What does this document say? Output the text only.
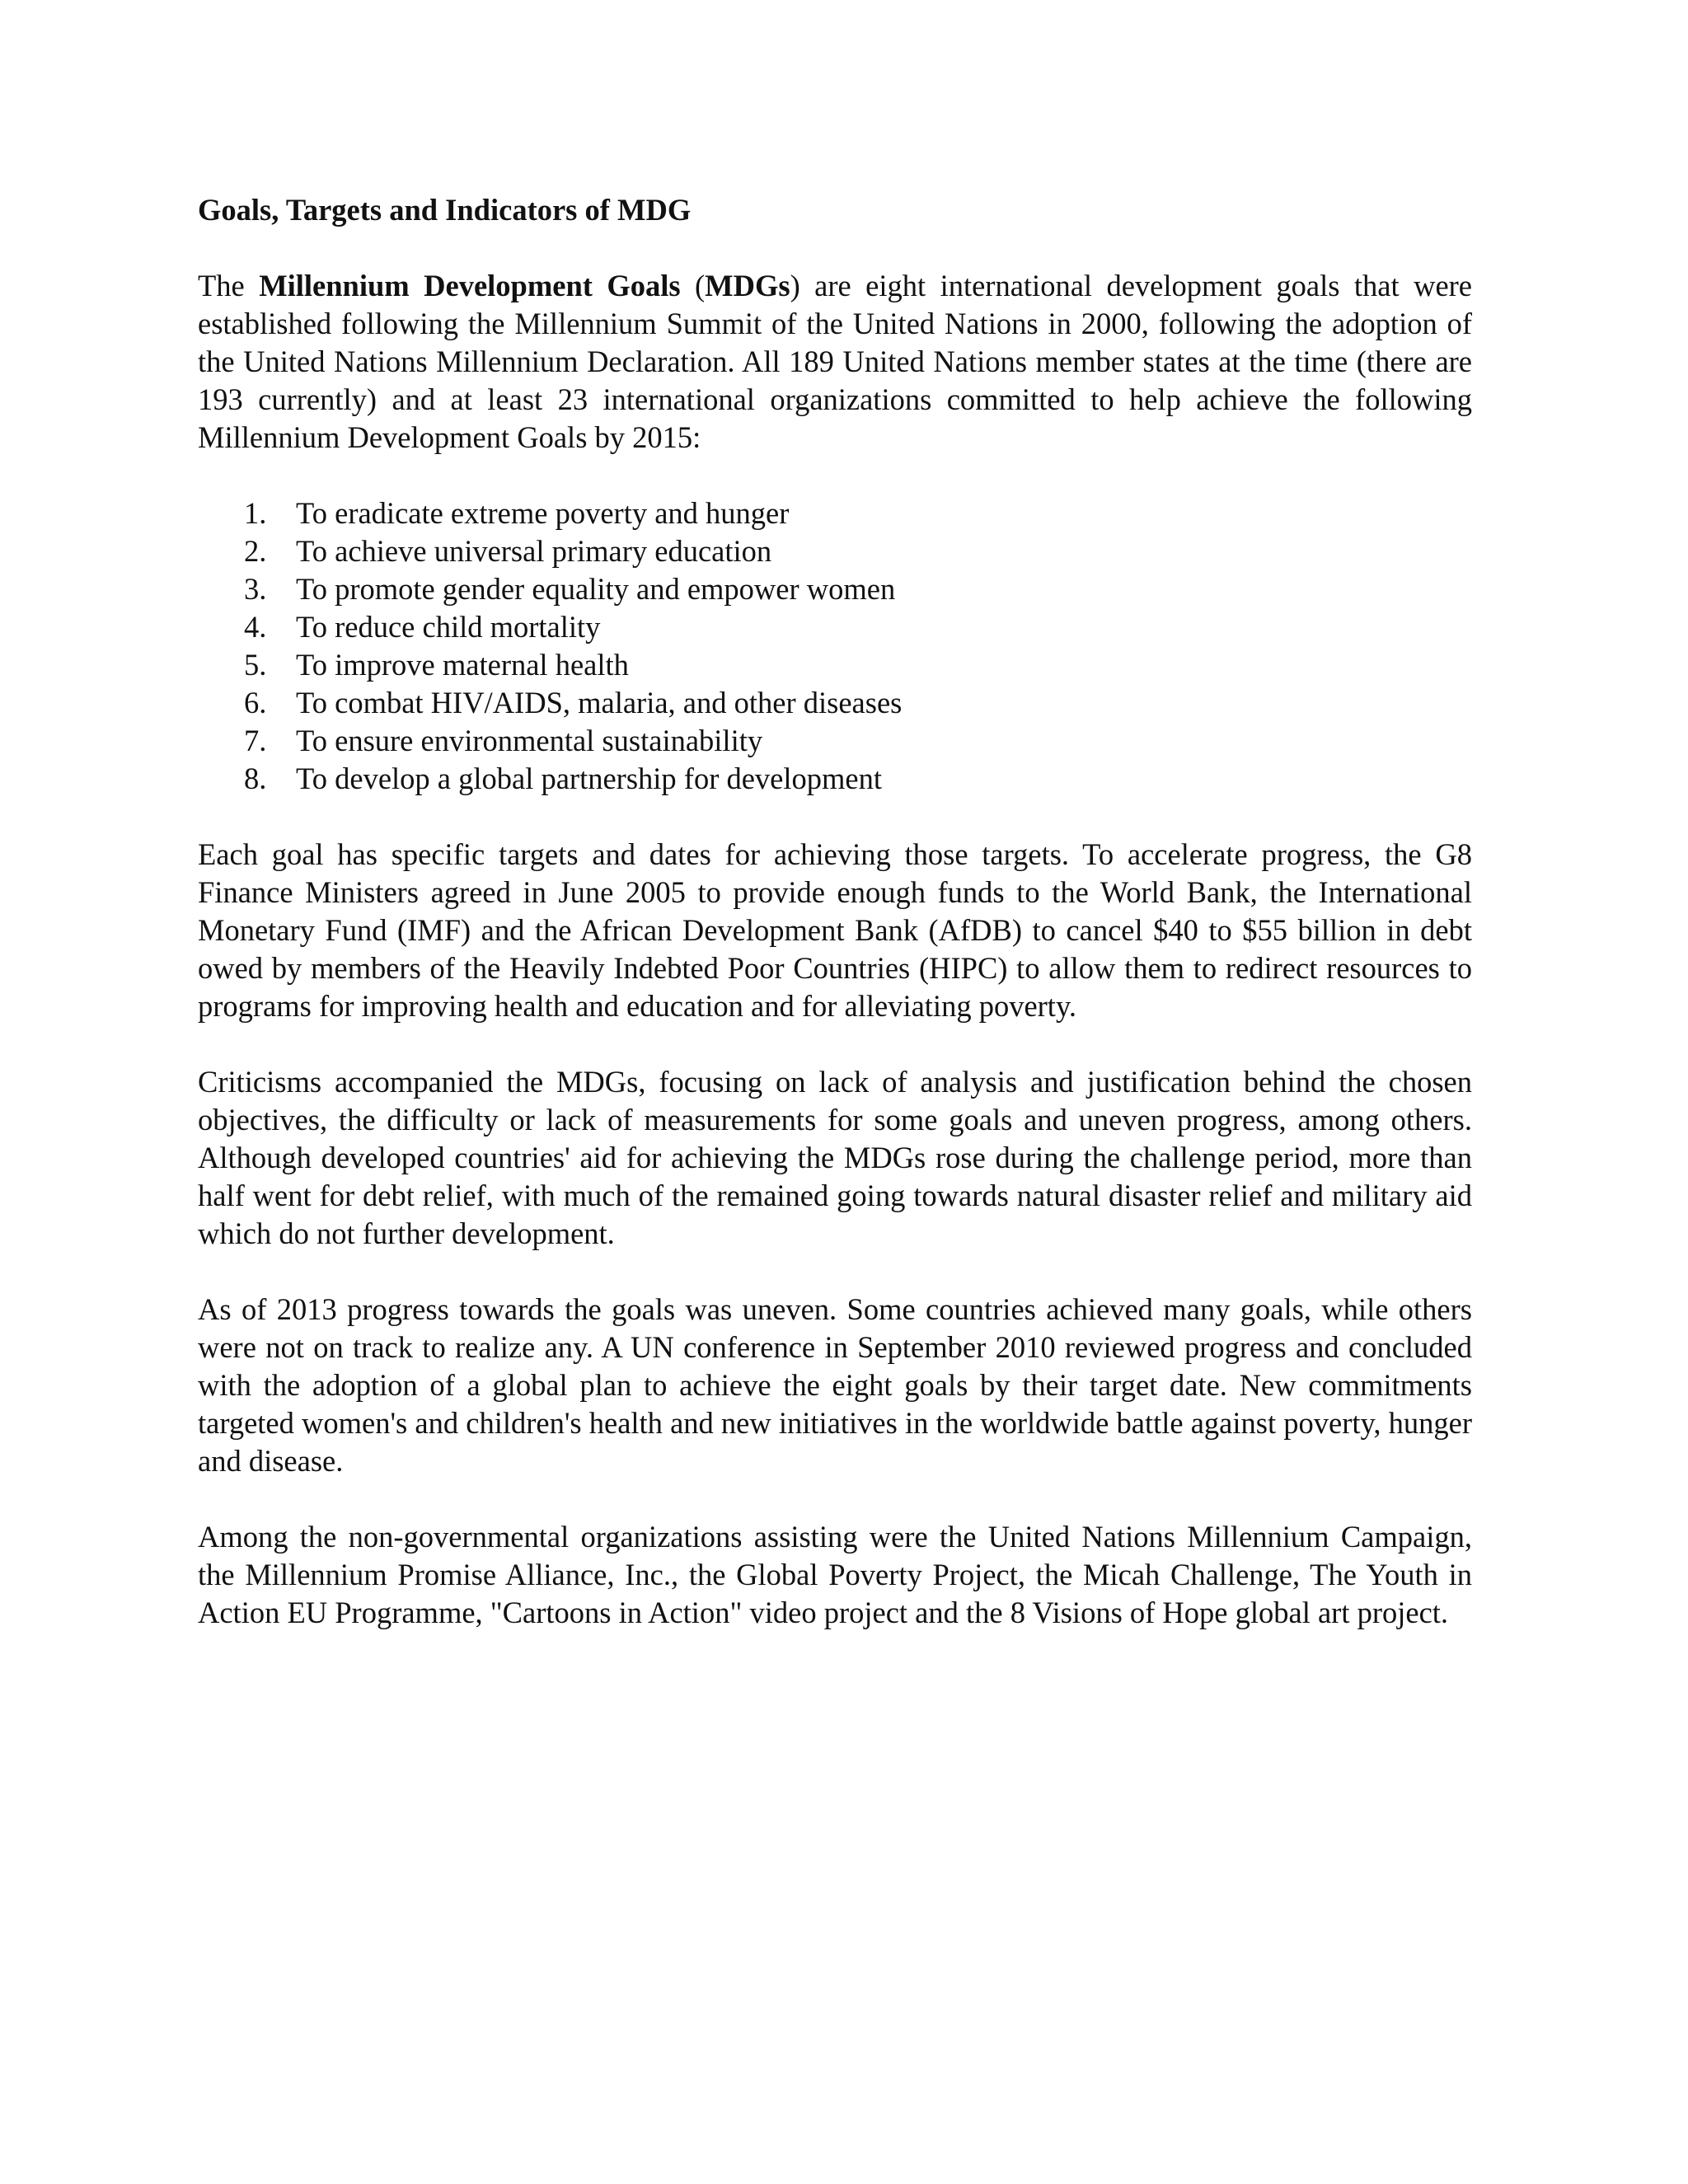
Goals, Targets and Indicators of MDG

The Millennium Development Goals (MDGs) are eight international development goals that were established following the Millennium Summit of the United Nations in 2000, following the adoption of the United Nations Millennium Declaration. All 189 United Nations member states at the time (there are 193 currently) and at least 23 international organizations committed to help achieve the following Millennium Development Goals by 2015:

1. To eradicate extreme poverty and hunger
2. To achieve universal primary education
3. To promote gender equality and empower women
4. To reduce child mortality
5. To improve maternal health
6. To combat HIV/AIDS, malaria, and other diseases
7. To ensure environmental sustainability
8. To develop a global partnership for development

Each goal has specific targets and dates for achieving those targets. To accelerate progress, the G8 Finance Ministers agreed in June 2005 to provide enough funds to the World Bank, the International Monetary Fund (IMF) and the African Development Bank (AfDB) to cancel $40 to $55 billion in debt owed by members of the Heavily Indebted Poor Countries (HIPC) to allow them to redirect resources to programs for improving health and education and for alleviating poverty.

Criticisms accompanied the MDGs, focusing on lack of analysis and justification behind the chosen objectives, the difficulty or lack of measurements for some goals and uneven progress, among others. Although developed countries' aid for achieving the MDGs rose during the challenge period, more than half went for debt relief, with much of the remained going towards natural disaster relief and military aid which do not further development.

As of 2013 progress towards the goals was uneven. Some countries achieved many goals, while others were not on track to realize any. A UN conference in September 2010 reviewed progress and concluded with the adoption of a global plan to achieve the eight goals by their target date. New commitments targeted women's and children's health and new initiatives in the worldwide battle against poverty, hunger and disease.

Among the non-governmental organizations assisting were the United Nations Millennium Campaign, the Millennium Promise Alliance, Inc., the Global Poverty Project, the Micah Challenge, The Youth in Action EU Programme, "Cartoons in Action" video project and the 8 Visions of Hope global art project.
